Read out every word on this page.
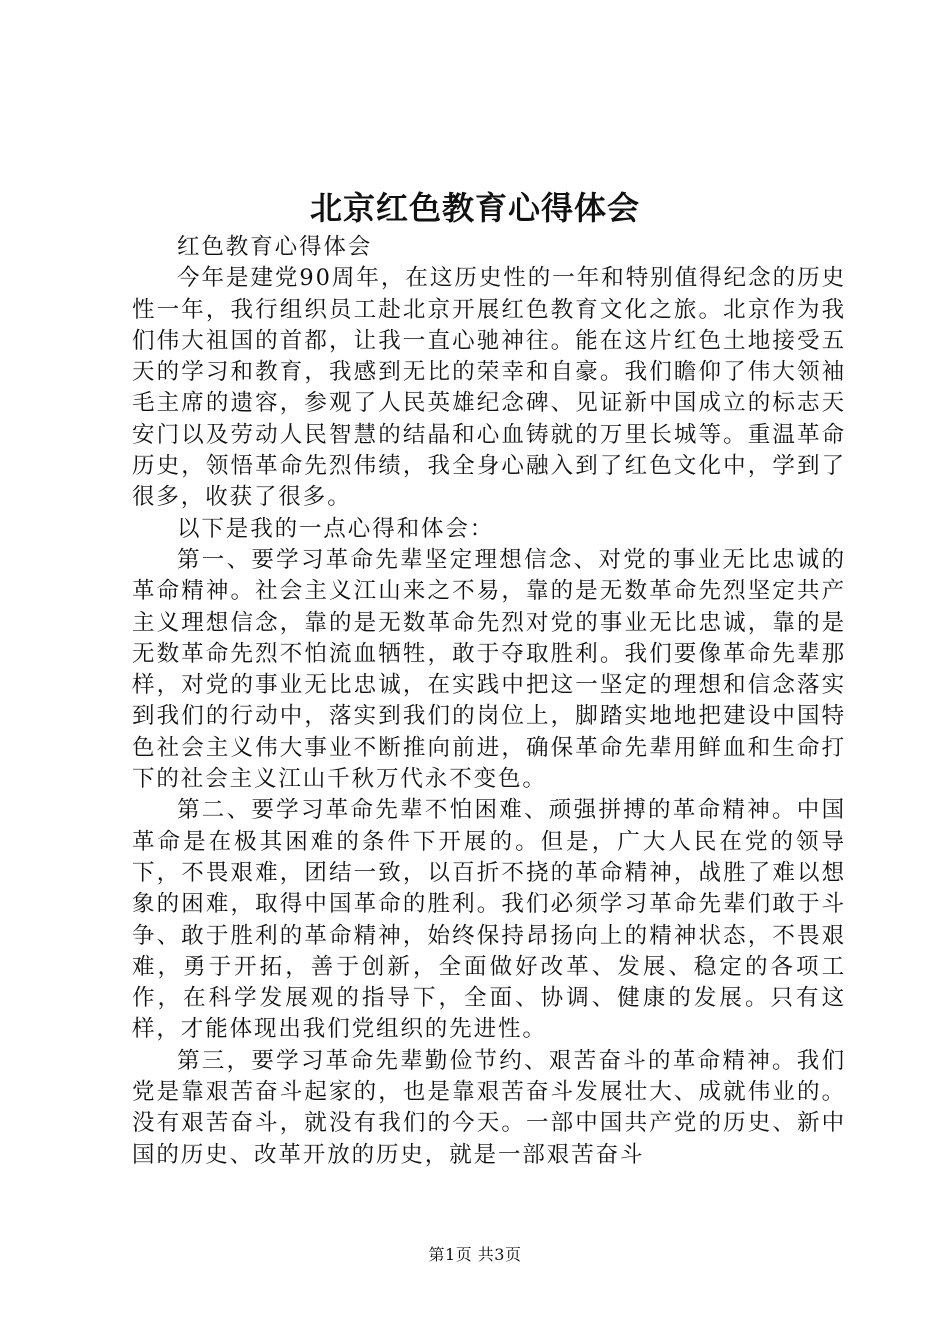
北京红色教育心得体会

红色教育心得体会

今年是建党90周年，在这历史性的一年和特别值得纪念的历史性一年，我行组织员工赴北京开展红色教育文化之旅。北京作为我们伟大祖国的首都，让我一直心驰神往。能在这片红色土地接受五天的学习和教育，我感到无比的荣幸和自豪。我们瞻仰了伟大领袖毛主席的遗容，参观了人民英雄纪念碑、见证新中国成立的标志天安门以及劳动人民智慧的结晶和心血铸就的万里长城等。重温革命历史，领悟革命先烈伟绩，我全身心融入到了红色文化中，学到了很多，收获了很多。

以下是我的一点心得和体会：

第一、要学习革命先辈坚定理想信念、对党的事业无比忠诚的革命精神。社会主义江山来之不易，靠的是无数革命先烈坚定共产主义理想信念，靠的是无数革命先烈对党的事业无比忠诚，靠的是无数革命先烈不怕流血牺牲，敢于夺取胜利。我们要像革命先辈那样，对党的事业无比忠诚，在实践中把这一坚定的理想和信念落实到我们的行动中，落实到我们的岗位上，脚踏实地地把建设中国特色社会主义伟大事业不断推向前进，确保革命先辈用鲜血和生命打下的社会主义江山千秋万代永不变色。

第二、要学习革命先辈不怕困难、顽强拼搏的革命精神。中国革命是在极其困难的条件下开展的。但是，广大人民在党的领导下，不畏艰难，团结一致，以百折不挠的革命精神，战胜了难以想象的困难，取得中国革命的胜利。我们必须学习革命先辈们敢于斗争、敢于胜利的革命精神，始终保持昂扬向上的精神状态，不畏艰难，勇于开拓，善于创新，全面做好改革、发展、稳定的各项工作，在科学发展观的指导下，全面、协调、健康的发展。只有这样，才能体现出我们党组织的先进性。

第三，要学习革命先辈勤俭节约、艰苦奋斗的革命精神。我们党是靠艰苦奋斗起家的，也是靠艰苦奋斗发展壮大、成就伟业的。没有艰苦奋斗，就没有我们的今天。一部中国共产党的历史、新中国的历史、改革开放的历史，就是一部艰苦奋斗

第1页 共3页
